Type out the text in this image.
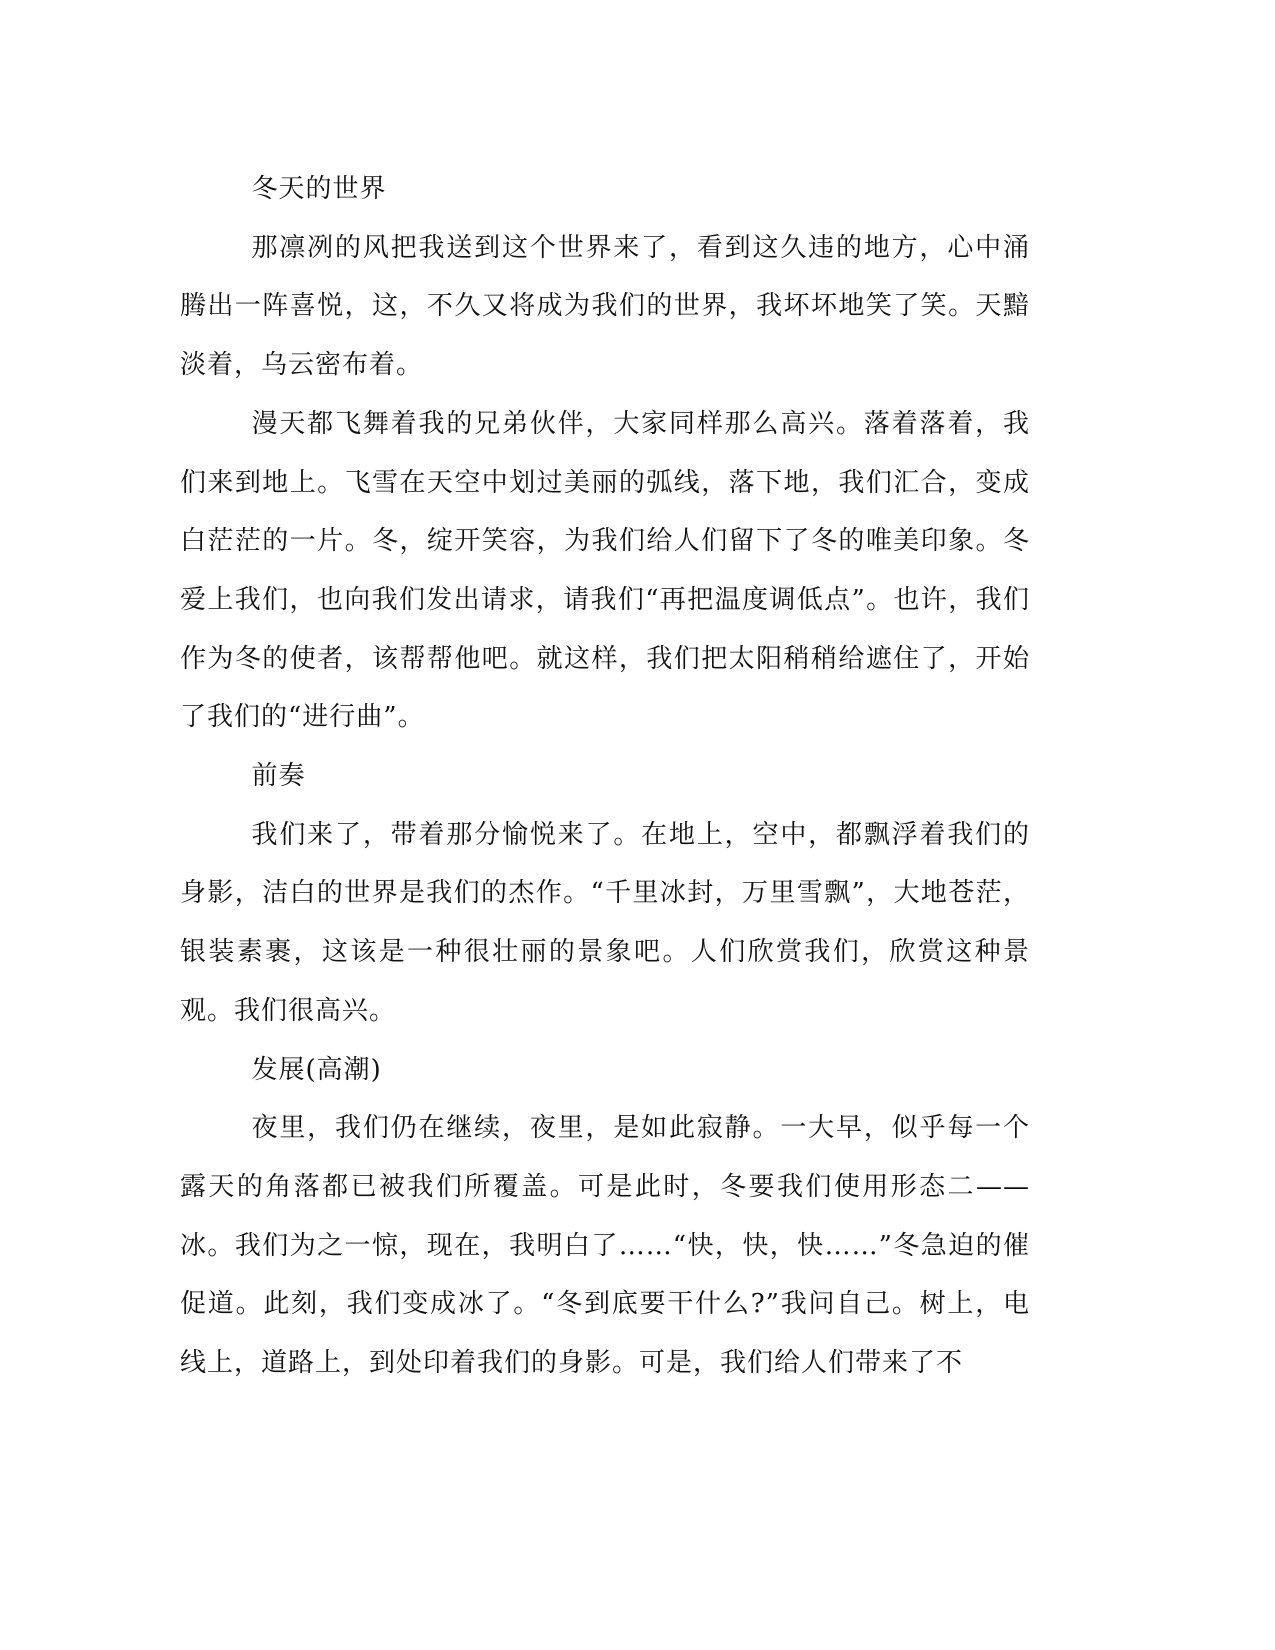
冬天的世界

那凛冽的风把我送到这个世界来了，看到这久违的地方，心中涌腾出一阵喜悦，这，不久又将成为我们的世界，我坏坏地笑了笑。天黯淡着，乌云密布着。

漫天都飞舞着我的兄弟伙伴，大家同样那么高兴。落着落着，我们来到地上。飞雪在天空中划过美丽的弧线，落下地，我们汇合，变成白茫茫的一片。冬，绽开笑容，为我们给人们留下了冬的唯美印象。冬爱上我们，也向我们发出请求，请我们“再把温度调低点”。也许，我们作为冬的使者，该帮帮他吧。就这样，我们把太阳稍稍给遮住了，开始了我们的“进行曲”。

前奏

我们来了，带着那分愉悦来了。在地上，空中，都飘浮着我们的身影，洁白的世界是我们的杰作。“千里冰封，万里雪飘”，大地苍茫，银装素裹，这该是一种很壮丽的景象吧。人们欣赏我们，欣赏这种景观。我们很高兴。

发展(高潮)

夜里，我们仍在继续，夜里，是如此寂静。一大早，似乎每一个露天的角落都已被我们所覆盖。可是此时，冬要我们使用形态二——冰。我们为之一惊，现在，我明白了……“快，快，快……”冬急迫的催促道。此刻，我们变成冰了。“冬到底要干什么?”我问自己。树上，电线上，道路上，到处印着我们的身影。可是，我们给人们带来了不
